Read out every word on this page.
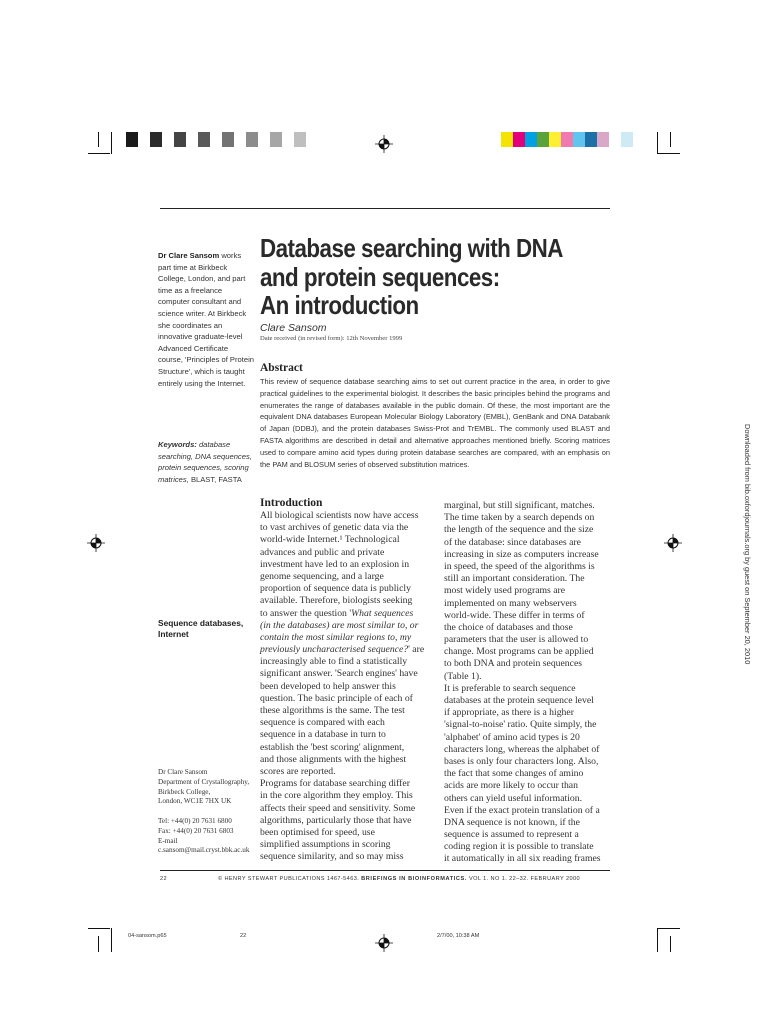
Dr Clare Sansom works part time at Birkbeck College, London, and part time as a freelance computer consultant and science writer. At Birkbeck she coordinates an innovative graduate-level Advanced Certificate course, 'Principles of Protein Structure', which is taught entirely using the Internet.
Keywords: database searching, DNA sequences, protein sequences, scoring matrices, BLAST, FASTA
Sequence databases, Internet
Dr Clare Sansom
Department of Crystallography,
Birkbeck College,
London, WC1E 7HX UK
Tel: +44(0) 20 7631 6800
Fax: +44(0) 20 7631 6803
E-mail
c.sansom@mail.cryst.bbk.ac.uk
Database searching with DNA
and protein sequences:
An introduction
Clare Sansom
Date received (in revised form): 12th November 1999
Abstract
This review of sequence database searching aims to set out current practice in the area, in order to give practical guidelines to the experimental biologist. It describes the basic principles behind the programs and enumerates the range of databases available in the public domain. Of these, the most important are the equivalent DNA databases European Molecular Biology Laboratory (EMBL), GenBank and DNA Databank of Japan (DDBJ), and the protein databases Swiss-Prot and TrEMBL. The commonly used BLAST and FASTA algorithms are described in detail and alternative approaches mentioned briefly. Scoring matrices used to compare amino acid types during protein database searches are compared, with an emphasis on the PAM and BLOSUM series of observed substitution matrices.
Introduction
All biological scientists now have access
to vast archives of genetic data via the
world-wide Internet.¹ Technological
advances and public and private
investment have led to an explosion in
genome sequencing, and a large
proportion of sequence data is publicly
available. Therefore, biologists seeking
to answer the question 'What sequences
(in the databases) are most similar to, or
contain the most similar regions to, my
previously uncharacterised sequence?' are
increasingly able to find a statistically
significant answer. 'Search engines' have
been developed to help answer this
question. The basic principle of each of
these algorithms is the same. The test
sequence is compared with each
sequence in a database in turn to
establish the 'best scoring' alignment,
and those alignments with the highest
scores are reported.
Programs for database searching differ
in the core algorithm they employ. This
affects their speed and sensitivity. Some
algorithms, particularly those that have
been optimised for speed, use
simplified assumptions in scoring
sequence similarity, and so may miss
marginal, but still significant, matches.
The time taken by a search depends on
the length of the sequence and the size
of the database: since databases are
increasing in size as computers increase
in speed, the speed of the algorithms is
still an important consideration. The
most widely used programs are
implemented on many webservers
world-wide. These differ in terms of
the choice of databases and those
parameters that the user is allowed to
change. Most programs can be applied
to both DNA and protein sequences
(Table 1).
It is preferable to search sequence
databases at the protein sequence level
if appropriate, as there is a higher
'signal-to-noise' ratio. Quite simply, the
'alphabet' of amino acid types is 20
characters long, whereas the alphabet of
bases is only four characters long. Also,
the fact that some changes of amino
acids are more likely to occur than
others can yield useful information.
Even if the exact protein translation of a
DNA sequence is not known, if the
sequence is assumed to represent a
coding region it is possible to translate
it automatically in all six reading frames
22	© HENRY STEWART PUBLICATIONS 1467-5463. BRIEFINGS IN BIOINFORMATICS. VOL 1. NO 1. 22–32. FEBRUARY 2000
04-sansom.p65	22	2/7/00, 10:38 AM
Downloaded from bib.oxfordjournals.org by guest on September 20, 2010
